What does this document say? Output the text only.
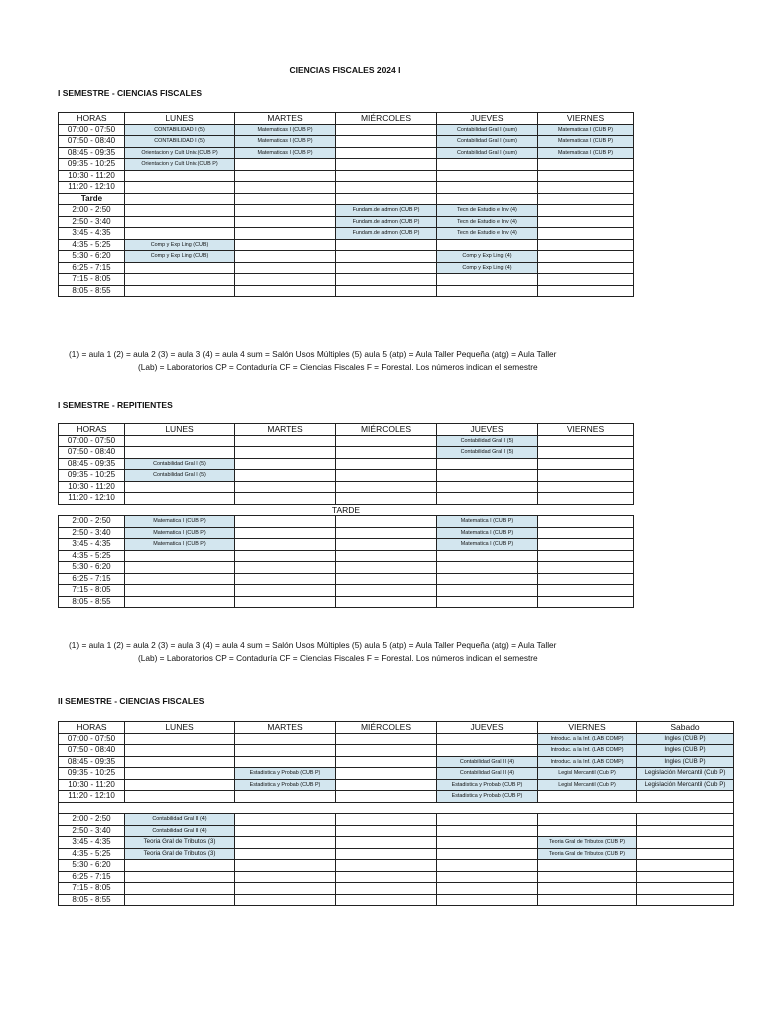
CIENCIAS FISCALES 2024 I
I SEMESTRE - CIENCIAS FISCALES
HORAS	LUNES	MARTES	MIÉRCOLES	JUEVES	VIERNES
07:00 - 07:50	CONTABILIDAD I (5)	Matematicas I (CUB P)		Contabilidad Gral I (sum)	Matematicas I (CUB P)
07:50 - 08:40	CONTABILIDAD I (5)	Matematicas I (CUB P)		Contabilidad Gral I (sum)	Matematicas I (CUB P)
08:45 - 09:35	Orientacion y Cult Univ.(CUB P)	Matematicas I (CUB P)		Contabilidad Gral I (sum)	Matematicas I (CUB P)
09:35 - 10:25	Orientacion y Cult Univ.(CUB P)				
10:30 - 11:20					
11:20 - 12:10					
Tarde					
2:00 - 2:50			Fundam.de admon (CUB P)	Tecn de Estudio e Inv (4)	
2:50 - 3:40			Fundam.de admon (CUB P)	Tecn de Estudio e Inv (4)	
3:45 - 4:35			Fundam.de admon (CUB P)	Tecn de Estudio e Inv (4)	
4:35 - 5:25	Comp y Exp Ling (CUB)				
5:30 - 6:20	Comp y Exp Ling (CUB)			Comp y Exp Ling (4)	
6:25 - 7:15				Comp y Exp Ling (4)	
7:15 - 8:05					
8:05 - 8:55					
(1) = aula 1 (2) = aula 2 (3) = aula 3 (4) = aula 4 sum = Salón Usos Múltiples (5) aula 5 (atp) = Aula Taller Pequeña (atg) = Aula Taller
(Lab) = Laboratorios CP = Contaduría CF = Ciencias Fiscales F = Forestal. Los números indican el semestre
I SEMESTRE - REPITIENTES
HORAS	LUNES	MARTES	MIÉRCOLES	JUEVES	VIERNES
07:00 - 07:50				Contabilidad Gral I (5)	
07:50 - 08:40				Contabilidad Gral I (5)	
08:45 - 09:35	Contabilidad Gral I (5)				
09:35 - 10:25	Contabilidad Gral I (5)				
10:30 - 11:20					
11:20 - 12:10					
TARDE					
2:00 - 2:50	Matematica I (CUB P)			Matematica I (CUB P)	
2:50 - 3:40	Matematica I (CUB P)			Matematica I (CUB P)	
3:45 - 4:35	Matematica I (CUB P)			Matematica I (CUB P)	
4:35 - 5:25					
5:30 - 6:20					
6:25 - 7:15					
7:15 - 8:05					
8:05 - 8:55					
(1) = aula 1 (2) = aula 2 (3) = aula 3 (4) = aula 4 sum = Salón Usos Múltiples (5) aula 5 (atp) = Aula Taller Pequeña (atg) = Aula Taller
(Lab) = Laboratorios CP = Contaduría CF = Ciencias Fiscales F = Forestal. Los números indican el semestre
II SEMESTRE - CIENCIAS FISCALES
HORAS	LUNES	MARTES	MIÉRCOLES	JUEVES	VIERNES	Sabado
07:00 - 07:50					Introduc. a la Inf. (LAB COMP)	Ingles (CUB P)
07:50 - 08:40					Introduc. a la Inf. (LAB COMP)	Ingles (CUB P)
08:45 - 09:35				Contabilidad Gral II (4)	Introduc. a la Inf. (LAB COMP)	Ingles (CUB P)
09:35 - 10:25		Estadistica y Probab (CUB P)		Contabilidad Gral II (4)	Legisl Mercantil (Cub P)	Legislación Mercantil (Cub P)
10:30 - 11:20		Estadistica y Probab (CUB P)		Estadistica y Probab (CUB P)	Legisl Mercantil (Cub P)	Legislación Mercantil (Cub P)
11:20 - 12:10				Estadistica y Probab (CUB P)		

2:00 - 2:50	Contabilidad Gral II (4)					
2:50 - 3:40	Contabilidad Gral II (4)					
3:45 - 4:35	Teoria Gral de Tributos (3)				Teoria Gral de Tributos (CUB P)	
4:35 - 5:25	Teoria Gral de Tributos (3)				Teoria Gral de Tributos (CUB P)	
5:30 - 6:20						
6:25 - 7:15						
7:15 - 8:05						
8:05 - 8:55						
